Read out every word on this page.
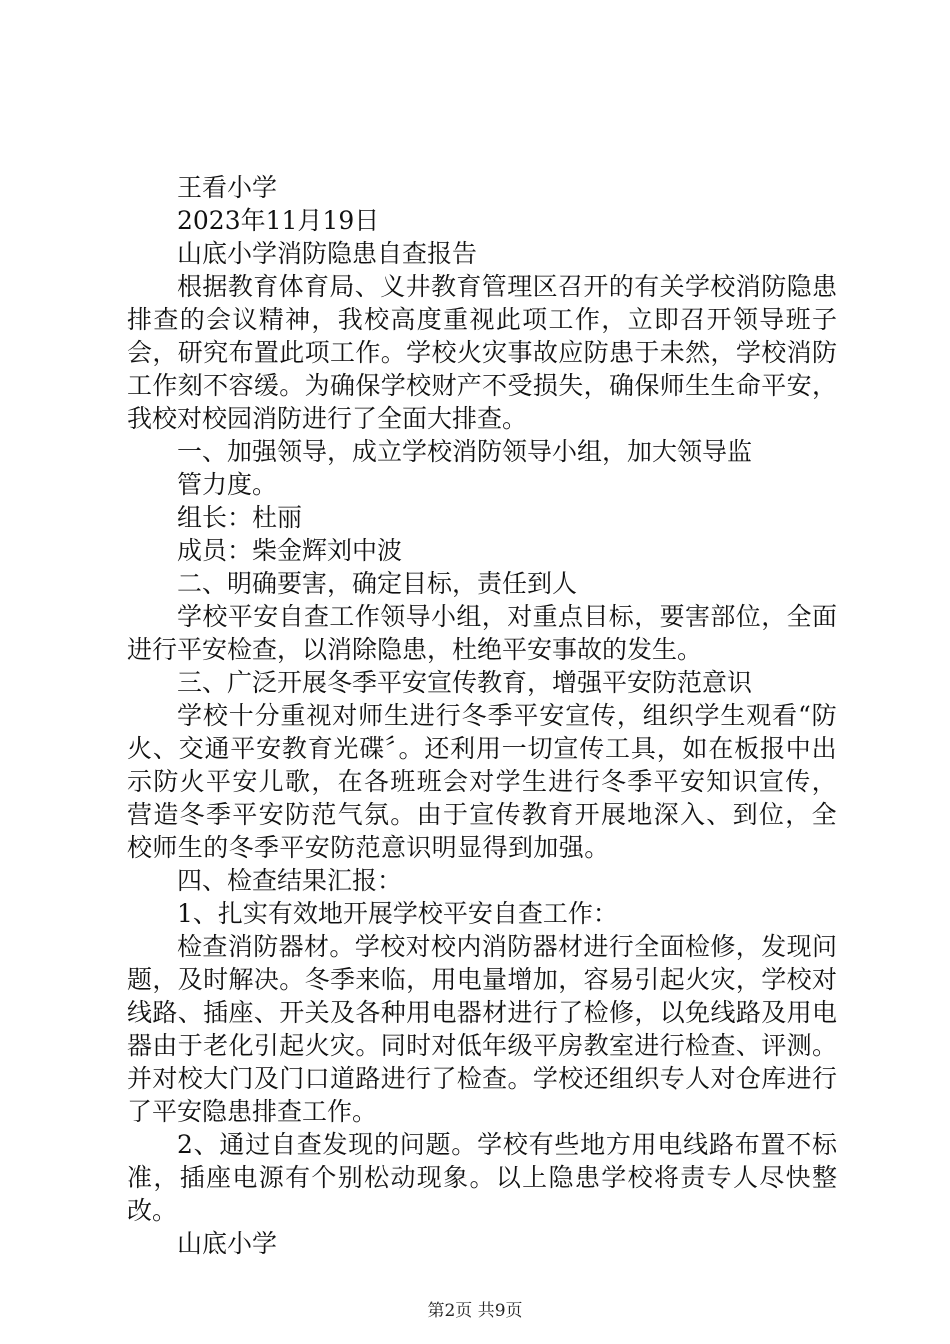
王看小学

2023年11月19日

山底小学消防隐患自查报告

根据教育体育局、义井教育管理区召开的有关学校消防隐患排查的会议精神，我校高度重视此项工作，立即召开领导班子会，研究布置此项工作。学校火灾事故应防患于未然，学校消防工作刻不容缓。为确保学校财产不受损失，确保师生生命平安，我校对校园消防进行了全面大排查。

一、加强领导，成立学校消防领导小组，加大领导监

管力度。

组长：杜丽

成员：柴金辉刘中波

二、明确要害，确定目标，责任到人

学校平安自查工作领导小组，对重点目标，要害部位，全面进行平安检查，以消除隐患，杜绝平安事故的发生。

三、广泛开展冬季平安宣传教育，增强平安防范意识

学校十分重视对师生进行冬季平安宣传，组织学生观看“防火、交通平安教育光碟〞。还利用一切宣传工具，如在板报中出示防火平安儿歌，在各班班会对学生进行冬季平安知识宣传，营造冬季平安防范气氛。由于宣传教育开展地深入、到位，全校师生的冬季平安防范意识明显得到加强。

四、检查结果汇报：

1、扎实有效地开展学校平安自查工作：

检查消防器材。学校对校内消防器材进行全面检修，发现问题，及时解决。冬季来临，用电量增加，容易引起火灾，学校对线路、插座、开关及各种用电器材进行了检修，以免线路及用电器由于老化引起火灾。同时对低年级平房教室进行检查、评测。并对校大门及门口道路进行了检查。学校还组织专人对仓库进行了平安隐患排查工作。

2、通过自查发现的问题。学校有些地方用电线路布置不标准，插座电源有个别松动现象。以上隐患学校将责专人尽快整改。

山底小学

第2页 共9页
